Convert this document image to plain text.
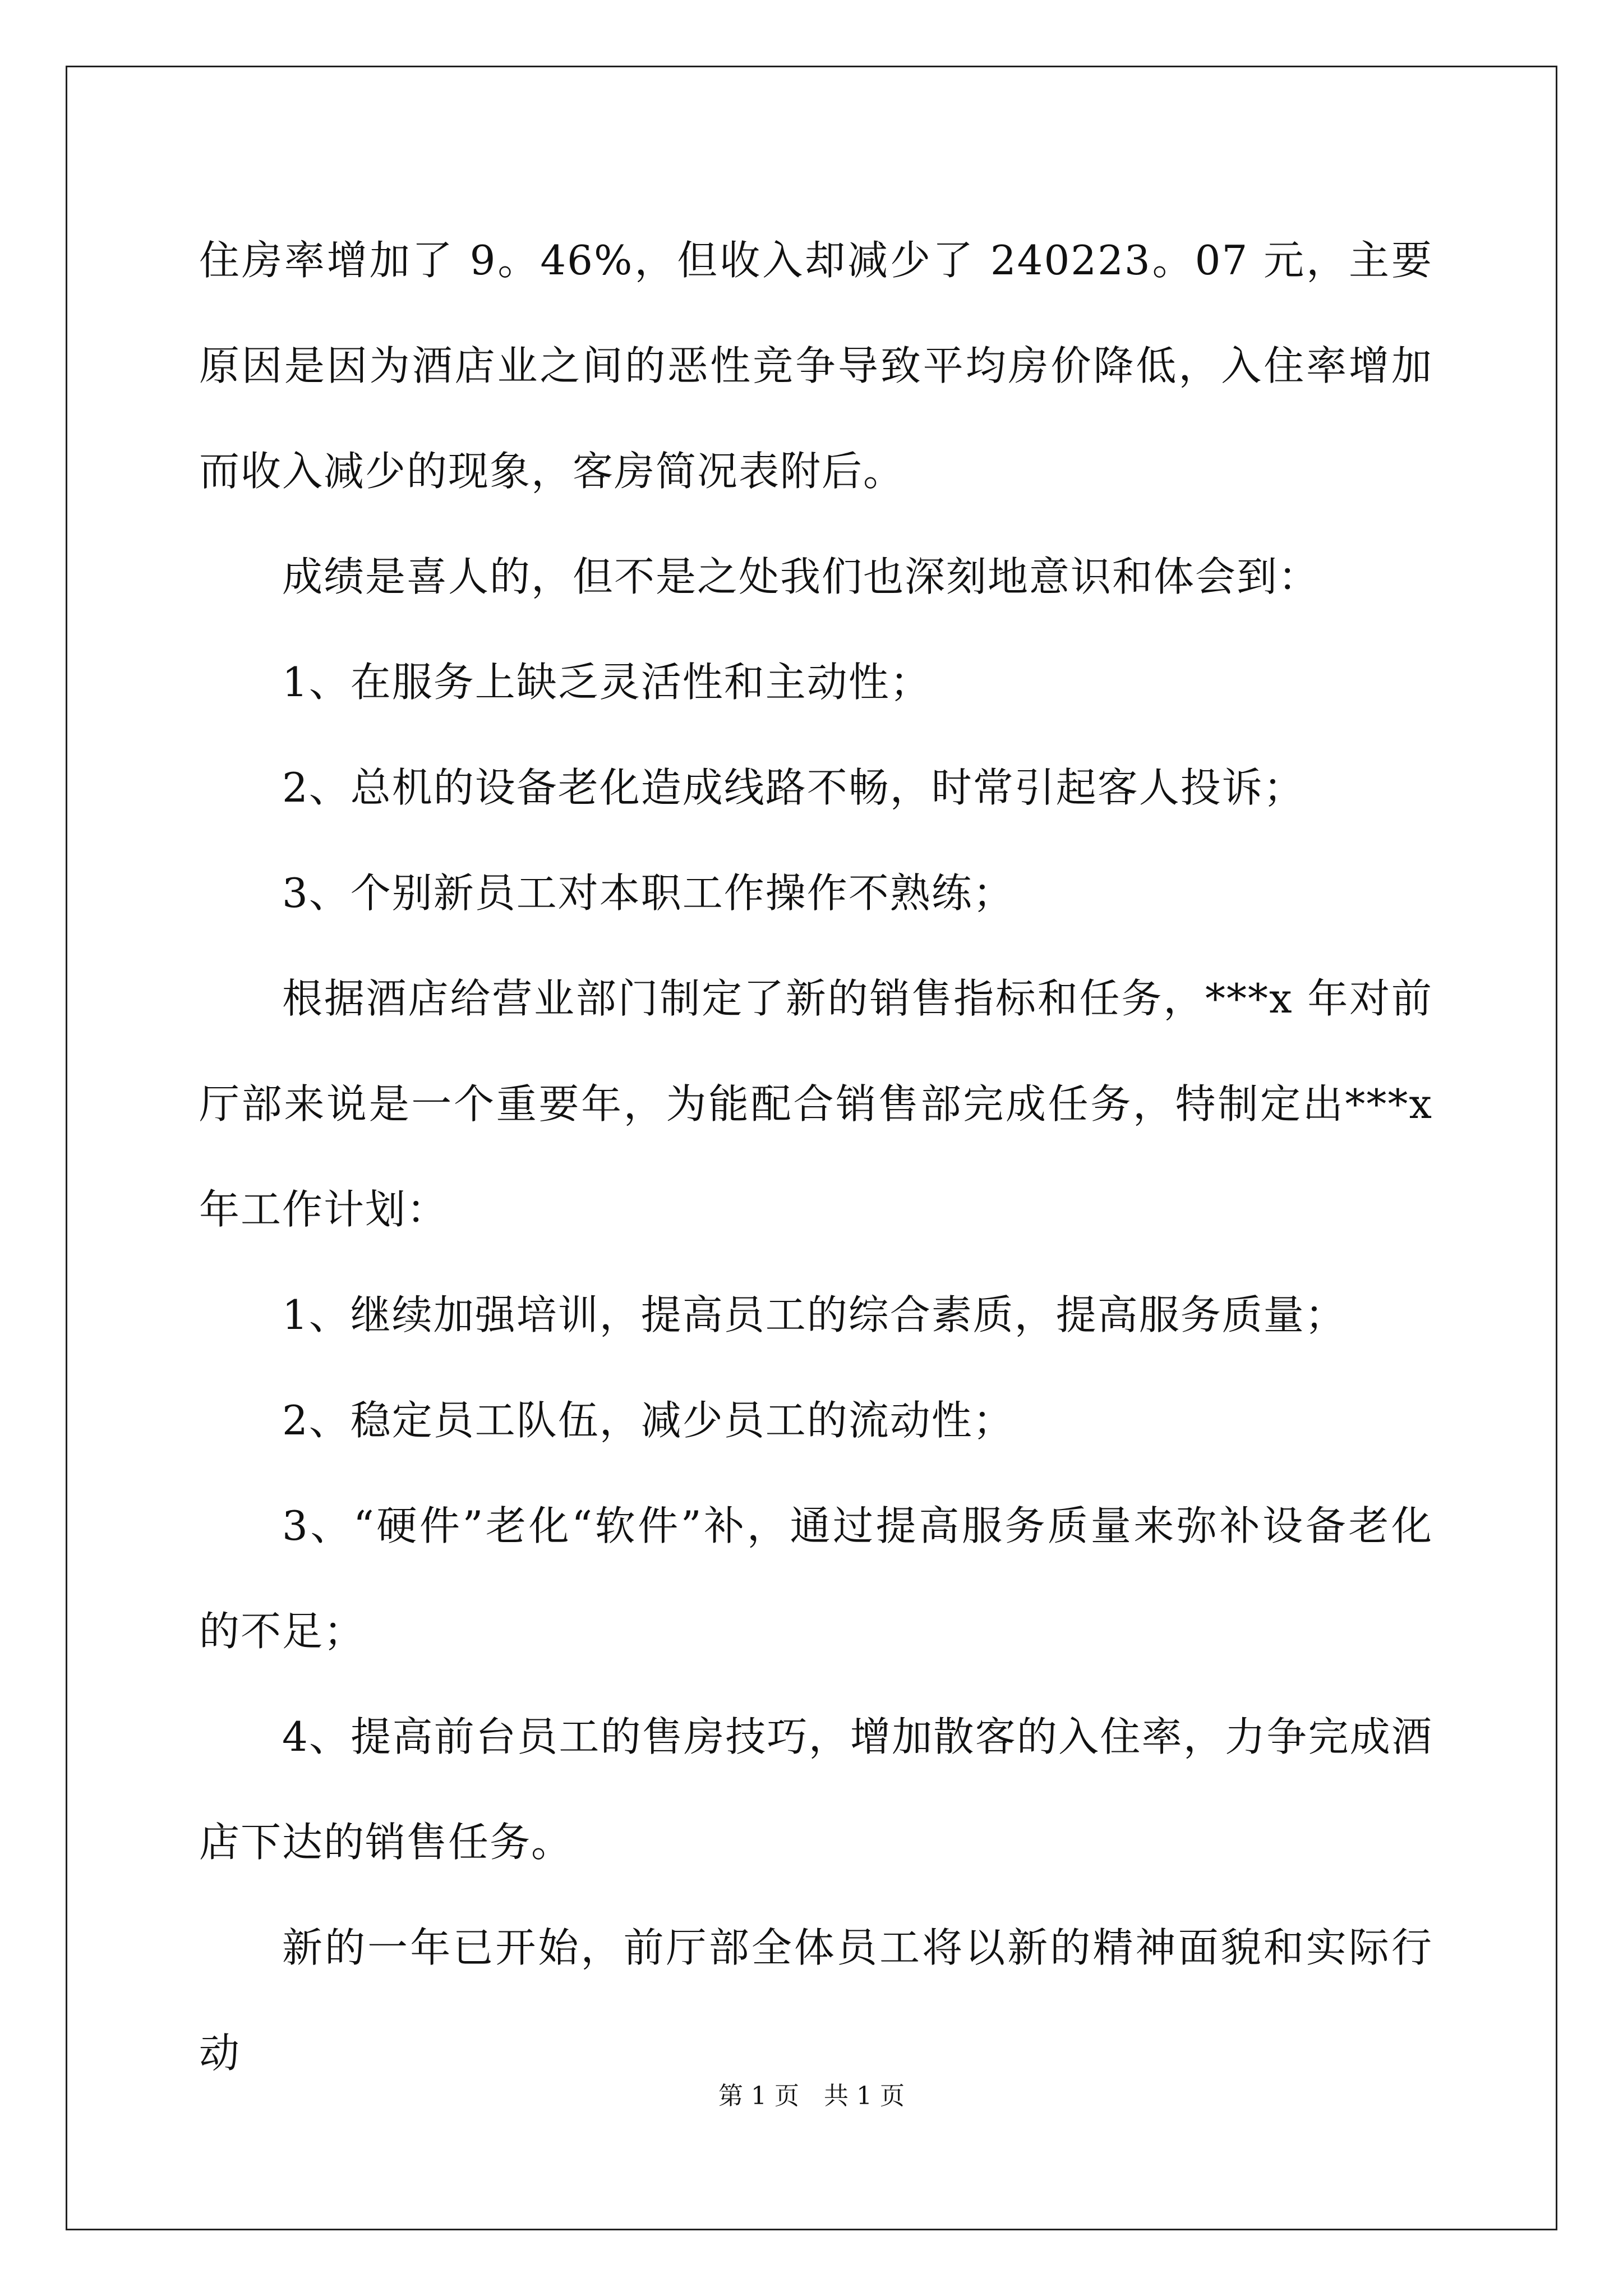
住房率增加了 9。46%，但收入却减少了 240223。07 元，主要原因是因为酒店业之间的恶性竞争导致平均房价降低，入住率增加而收入减少的现象，客房简况表附后。

成绩是喜人的，但不是之处我们也深刻地意识和体会到：

1、在服务上缺乏灵活性和主动性；

2、总机的设备老化造成线路不畅，时常引起客人投诉；

3、个别新员工对本职工作操作不熟练；

根据酒店给营业部门制定了新的销售指标和任务，***x 年对前厅部来说是一个重要年，为能配合销售部完成任务，特制定出***x 年工作计划：

1、继续加强培训，提高员工的综合素质，提高服务质量；

2、稳定员工队伍，减少员工的流动性；

3、“硬件”老化“软件”补，通过提高服务质量来弥补设备老化的不足；

4、提高前台员工的售房技巧，增加散客的入住率，力争完成酒店下达的销售任务。

新的一年已开始，前厅部全体员工将以新的精神面貌和实际行动

第 1 页　共 1 页
